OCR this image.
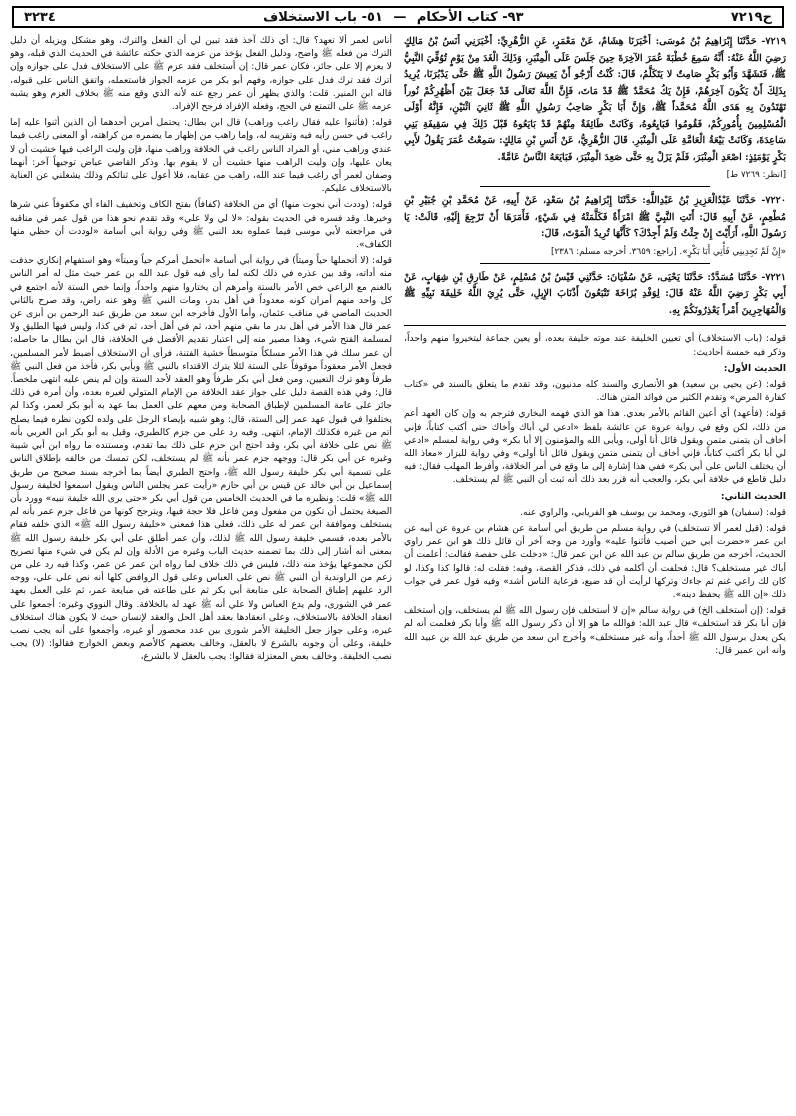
ح٧٢١٩
٩٣- كتاب الأحكام — ٥١- باب الاستخلاف
٣٢٣٤

٧٢١٩- حَدَّثَنَا إِبْرَاهِيمُ بْنُ مُوسَى: أَخْبَرَنَا هِشَامٌ، عَنْ مَعْمَرٍ، عَنِ الزُّهْرِيِّ: أَخْبَرَنِي أَنَسُ بْنُ مَالِكٍ رَضِيَ اللَّهُ عَنْهُ: أَنَّهُ سَمِعَ خُطْبَةَ عُمَرَ الآخِرَةَ حِينَ جَلَسَ عَلَى الْمِنْبَرِ، وَذَلِكَ الْغَدَ مِنْ يَوْمٍ تُوُفِّيَ النَّبِيُّ ﷺ، فَتَشَهَّدَ وَأَبُو بَكْرٍ صَامِتٌ لا يَتَكَلَّمُ، قَالَ: كُنْتُ أَرْجُو أَنْ يَعِيشَ رَسُولُ اللَّهِ ﷺ حَتَّى يَدْبُرَنَا، يُرِيدُ بِذَلِكَ أَنْ يَكُونَ آخِرَهُمْ، فَإِنْ يَكُ مُحَمَّدٌ ﷺ قَدْ مَاتَ، فَإِنَّ اللَّهَ تَعَالَى قَدْ جَعَلَ بَيْنَ أَظْهُرِكُمْ نُوراً تَهْتَدُونَ بِهِ هَدَى اللَّهُ مُحَمَّداً ﷺ، وَإِنَّ أَبَا بَكْرٍ صَاحِبُ رَسُولِ اللَّهِ ﷺ ثَانِيَ اثْنَيْنِ، فَإِنَّهُ أَوْلَى الْمُسْلِمِينَ بِأُمُورِكُمْ، فَقُومُوا فَبَايِعُوهُ، وَكَانَتْ طَائِفَةٌ مِنْهُمْ قَدْ بَايَعُوهُ قَبْلَ ذَلِكَ فِي سَقِيفَةِ بَنِي سَاعِدَةَ، وَكَانَتْ بَيْعَةُ الْعَامَّةِ عَلَى الْمِنْبَرِ. قَالَ الزُّهْرِيُّ، عَنْ أَنَسِ بْنِ مَالِكٍ: سَمِعْتُ عُمَرَ يَقُولُ لأَبِي بَكْرٍ يَوْمَئِذٍ: اصْعَدِ الْمِنْبَرَ، فَلَمْ يَزَلْ بِهِ حَتَّى صَعِدَ الْمِنْبَرَ، فَبَايَعَهُ النَّاسُ عَامَّةً.

[انظر: ٧٢٦٩ ط]

٧٢٢٠- حَدَّثَنَا عَبْدُالْعَزِيزِ بْنُ عَبْدِاللَّهِ: حَدَّثَنَا إِبْرَاهِيمُ بْنُ سَعْدٍ، عَنْ أَبِيهِ، عَنْ مُحَمَّدِ بْنِ جُبَيْرِ بْنِ مُطْعِمٍ، عَنْ أَبِيهِ قَالَ: أَتَتِ النَّبِيَّ ﷺ امْرَأَةٌ فَكَلَّمَتْهُ فِي شَيْءٍ، فَأَمَرَهَا أَنْ تَرْجِعَ إِلَيْهِ، قَالَتْ: يَا رَسُولَ اللَّهِ، أَرَأَيْتَ إِنْ جِئْتُ وَلَمْ أَجِدْكَ؟ كَأَنَّهَا تُرِيدُ الْمَوْتَ، قَالَ:

«إِنْ لَمْ تَجِدِينِي فَأْتِي أَبَا بَكْرٍ». [راجع: ٣٦٥٩. أخرجه مسلم: ٢٣٨٦]

٧٢٢١- حَدَّثَنَا مُسَدَّدٌ: حَدَّثَنَا يَحْيَى، عَنْ سُفْيَانَ: حَدَّثَنِي قَيْسُ بْنُ مُسْلِمٍ، عَنْ طَارِقِ بْنِ شِهَابٍ، عَنْ أَبِي بَكْرٍ رَضِيَ اللَّهُ عَنْهُ قَالَ: لِوَفْدِ بُزَاخَةَ تَتْبَعُونَ أَذْنَابَ الإِبِلِ، حَتَّى يُرِيَ اللَّهُ خَلِيفَةَ نَبِيِّهِ ﷺ وَالْمُهَاجِرِينَ أَمْراً يَعْذِرُونَكُمْ بِهِ.

قوله: (باب الاستخلاف) أي تعيين الخليفة عند موته خليفة بعده، أو يعين جماعة ليتخيروا منهم واحداً، وذكر فيه خمسة أحاديث:

الحديث الأول:

قوله: (عن يحيى بن سعيد) هو الأنصاري والسند كله مدنيون، وقد تقدم ما يتعلق بالسند في «كتاب كفارة المرض» وتقدم الكثير من فوائد المتن هناك.

قوله: (فأعهد) أي أعين القائم بالأمر بعدي. هذا هو الذي فهمه البخاري فترجم به وإن كان العهد أعم من ذلك، لكن وقع في رواية عروة عن عائشة بلفظ «ادعي لي أباك وأخاك حتى أكتب كتاباً، فإني أخاف أن يتمنى متمن ويقول قائل أنا أولى، ويأبى الله والمؤمنون إلا أبا بكر» وفي رواية لمسلم «ادعي لي أبا بكر أكتب كتاباً، فإني أخاف أن يتمنى متمن ويقول قائل أنا أولى» وفي رواية للبزار «معاذ الله أن يختلف الناس على أبي بكر» ففي هذا إشارة إلى ما وقع في أمر الخلافة، وأفرط المهلب فقال: فيه دليل قاطع في خلافة أبي بكر، والعجب أنه قرر بعد ذلك أنه ثبت أن النبي ﷺ لم يستخلف.

الحديث الثاني:

قوله: (سفيان) هو الثوري، ومحمد بن يوسف هو الفريابي، والراوي عنه.

قوله: (قيل لعمر ألا تستخلف) في رواية مسلم من طريق أبي أسامة عن هشام بن عروة عن أبيه عن ابن عمر «حضرت أبي حين أصيب فأثنوا عليه» وأورد من وجه آخر أن قائل ذلك هو ابن عمر راوي الحديث، أخرجه من طريق سالم بن عبد الله عن ابن عمر قال: «دخلت على حفصة فقالت: أعلمت أن أباك غير مستخلف؟ قال: فحلفت أن أكلمه في ذلك، فذكر القصة، وفيه: فقلت له: قالوا كذا وكذا، لو كان لك راعي غنم ثم جاءك وتركها لرأيت أن قد ضيع، فرعاية الناس أشد» وفيه قول عمر في جواب ذلك «إن الله ﷺ يحفظ دينه».

قوله: (إن أستخلف الخ) في رواية سالم «إن لا أستخلف فإن رسول الله ﷺ لم يستخلف، وإن أستخلف فإن أبا بكر قد استخلف» قال عبد الله: فوالله ما هو إلا أن ذكر رسول الله ﷺ وأبا بكر فعلمت أنه لم يكن يعدل برسول الله ﷺ أحداً، وأنه غير مستخلف» وأخرج ابن سعد من طريق عبد الله بن عبيد الله وأنه ابن عمير قال:

أناس لعمر ألا تعهد؟ قال: أي ذلك آخذ فقد تبين لي أن الفعل والترك، وهو مشكل ويزيله أن دليل الترك من فعله ﷺ واضح، ودليل الفعل يؤخذ من عزمه الذي حكته عائشة في الحديث الذي قبله، وهو لا يعزم إلا على جائز، فكان عمر قال: إن أستخلف فقد عزم ﷺ على الاستخلاف فدل على جوازه وإن أترك فقد ترك فدل على جوازه، وفهم أبو بكر من عزمه الجواز فاستعمله، واتفق الناس على قبوله، قاله ابن المنير. قلت: والذي يظهر أن عمر رجع عنه لأنه الذي وقع منه ﷺ بخلاف العزم وهو يشبه عزمه ﷺ على التمتع في الحج، وفعله الإفراد فرجح الإفراد.

قوله: (فأثنوا عليه فقال راغب وراهب) قال ابن بطال: يحتمل أمرين أحدهما أن الذين أثنوا عليه إما راغب في حسن رأيه فيه وتقريبه له، وإما راهب من إظهار ما يضمره من كراهته، أو المعنى راغب فيما عندي وراهب مني، أو المراد الناس راغب في الخلافة وراهب منها، فإن وليت الراغب فيها خشيت أن لا يعان عليها، وإن وليت الراهب منها خشيت أن لا يقوم بها. وذكر القاضي عياض توجيهاً آخر: أنهما وصفان لعمر أي راغب فيما عند الله، راهب من عقابه، فلا أعول على ثنائكم وذلك يشغلني عن العناية بالاستخلاف عليكم.

قوله: (وددت أني نجوت منها) أي من الخلافة (كفافاً) بفتح الكاف وتخفيف الفاء أي مكفوفاً عني شرها وخيرها. وقد فسره في الحديث بقوله: «لا لي ولا علي» وقد تقدم نحو هذا من قول عمر في مناقبه في مراجعته لأبي موسى فيما عملوه بعد النبي ﷺ وفي رواية أبي أسامة «لوددت أن حظي منها الكفاف».

قوله: (لا أتحملها حياً وميتاً) في رواية أبي أسامة «أتحمل أمركم حياً وميتاً» وهو استفهام إنكاري حذفت منه أداته، وقد بين عذره في ذلك لكنه لما رأى فيه قول عبد الله بن عمر حيث مثل له أمر الناس بالغنم مع الراعي خص الأمر بالستة وأمرهم أن يختاروا منهم واحداً، وإنما خص الستة لأنه اجتمع في كل واحد منهم أمران كونه معدوداً في أهل بدر، ومات النبي ﷺ وهو عنه راض، وقد صرح بالثاني الحديث الماضي في مناقب عثمان، وأما الأول فأخرجه ابن سعد من طريق عبد الرحمن بن أبزى عن عمر قال هذا الأمر في أهل بدر ما بقي منهم أحد، ثم في أهل أحد، ثم في كذا، وليس فيها الطليق ولا لمسلمة الفتح شيء، وهذا مصير منه إلى اعتبار تقديم الأفضل في الخلافة، قال ابن بطال ما حاصله: أن عمر سلك في هذا الأمر مسلكاً متوسطاً خشية الفتنة، فرأى أن الاستخلاف أضبط لأمر المسلمين، فجعل الأمر معقوداً موقوفاً على الستة لئلا يترك الاقتداء بالنبي ﷺ وبأبي بكر، فأخذ من فعل النبي ﷺ طرفاً وهو ترك التعيين، ومن فعل أبي بكر طرفاً وهو العقد لأحد الستة وإن لم ينص عليه انتهى ملخصاً. قال: وفي هذه القصة دليل على جواز عقد الخلافة من الإمام المتولي لغيره بعده، وأن أمره في ذلك جائز على عامة المسلمين لإطباق الصحابة ومن معهم على العمل بما عهد به أبو بكر لعمر، وكذا لم يختلفوا في قبول عهد عمر إلى الستة، قال: وهو شبيه بإيصاء الرجل على ولده لكون نظره فيما يصلح أتم من غيره فكذلك الإمام، انتهى. وفيه رد على من جزم كالطبري، وقيل به أبو بكر ابن العربي بأنه ﷺ نص على خلافة أبي بكر، وقد احتج ابن حزم على ذلك بما تقدم، ومستنده ما رواه ابن أبي شيبة وغيره عن أبي بكر قال: ووجهه جزم عمر بأنه ﷺ لم يستخلف، لكن تمسك من خالفه بإطلاق الناس على تسمية أبي بكر خليفة رسول الله ﷺ، واحتج الطبري أيضاً بما أخرجه بسند صحيح من طريق إسماعيل بن أبي خالد عن قيس بن أبي حازم «رأيت عمر يجلس الناس ويقول اسمعوا لخليفة رسول الله ﷺ» قلت: ونظيره ما في الحديث الخامس من قول أبي بكر «حتى يرى الله خليفة نبيه» وورد بأن الصيغة يحتمل أن تكون من مفعول ومن فاعل فلا حجة فيها، ويترجح كونها من فاعل جزم عمر بأنه لم يستخلف وموافقة ابن عمر له على ذلك، فعلى هذا فمعنى «خليفة رسول الله ﷺ» الذي خلفه فقام بالأمر بعده، فسمي خليفة رسول الله ﷺ لذلك، وأن عمر أطلق على أبي بكر خليفة رسول الله ﷺ بمعنى أنه أشار إلى ذلك بما تضمنه حديث الباب وغيره من الأدلة وإن لم يكن في شيء منها تصريح لكن مجموعها يؤخذ منه ذلك، فليس في ذلك خلاف لما رواه ابن عمر عن عمر، وكذا فيه رد على من زعم من الراوندية أن النبي ﷺ نص على العباس وعلى قول الروافض كلها أنه نص على علي، ووجه الرد عليهم إطباق الصحابة على متابعة أبي بكر ثم على طاعته في مبايعة عمر، ثم على العمل بعهد عمر في الشورى، ولم يدع العباس ولا علي أنه ﷺ عهد له بالخلافة. وقال النووي وغيره: أجمعوا على انعقاد الخلافة بالاستخلاف، وعلى انعقادها بعقد أهل الحل والعقد لإنسان حيث لا يكون هناك استخلاف غيره، وعلى جواز جعل الخليفة الأمر شورى بين عدد محصور أو غيره، وأجمعوا على أنه يجب نصب خليفة، وعلى أن وجوبه بالشرع لا بالعقل، وخالف بعضهم كالأصم وبعض الخوارج فقالوا: (لا) يجب نصب الخليفة. وخالف بعض المعتزلة فقالوا: يجب بالعقل لا بالشرع،
